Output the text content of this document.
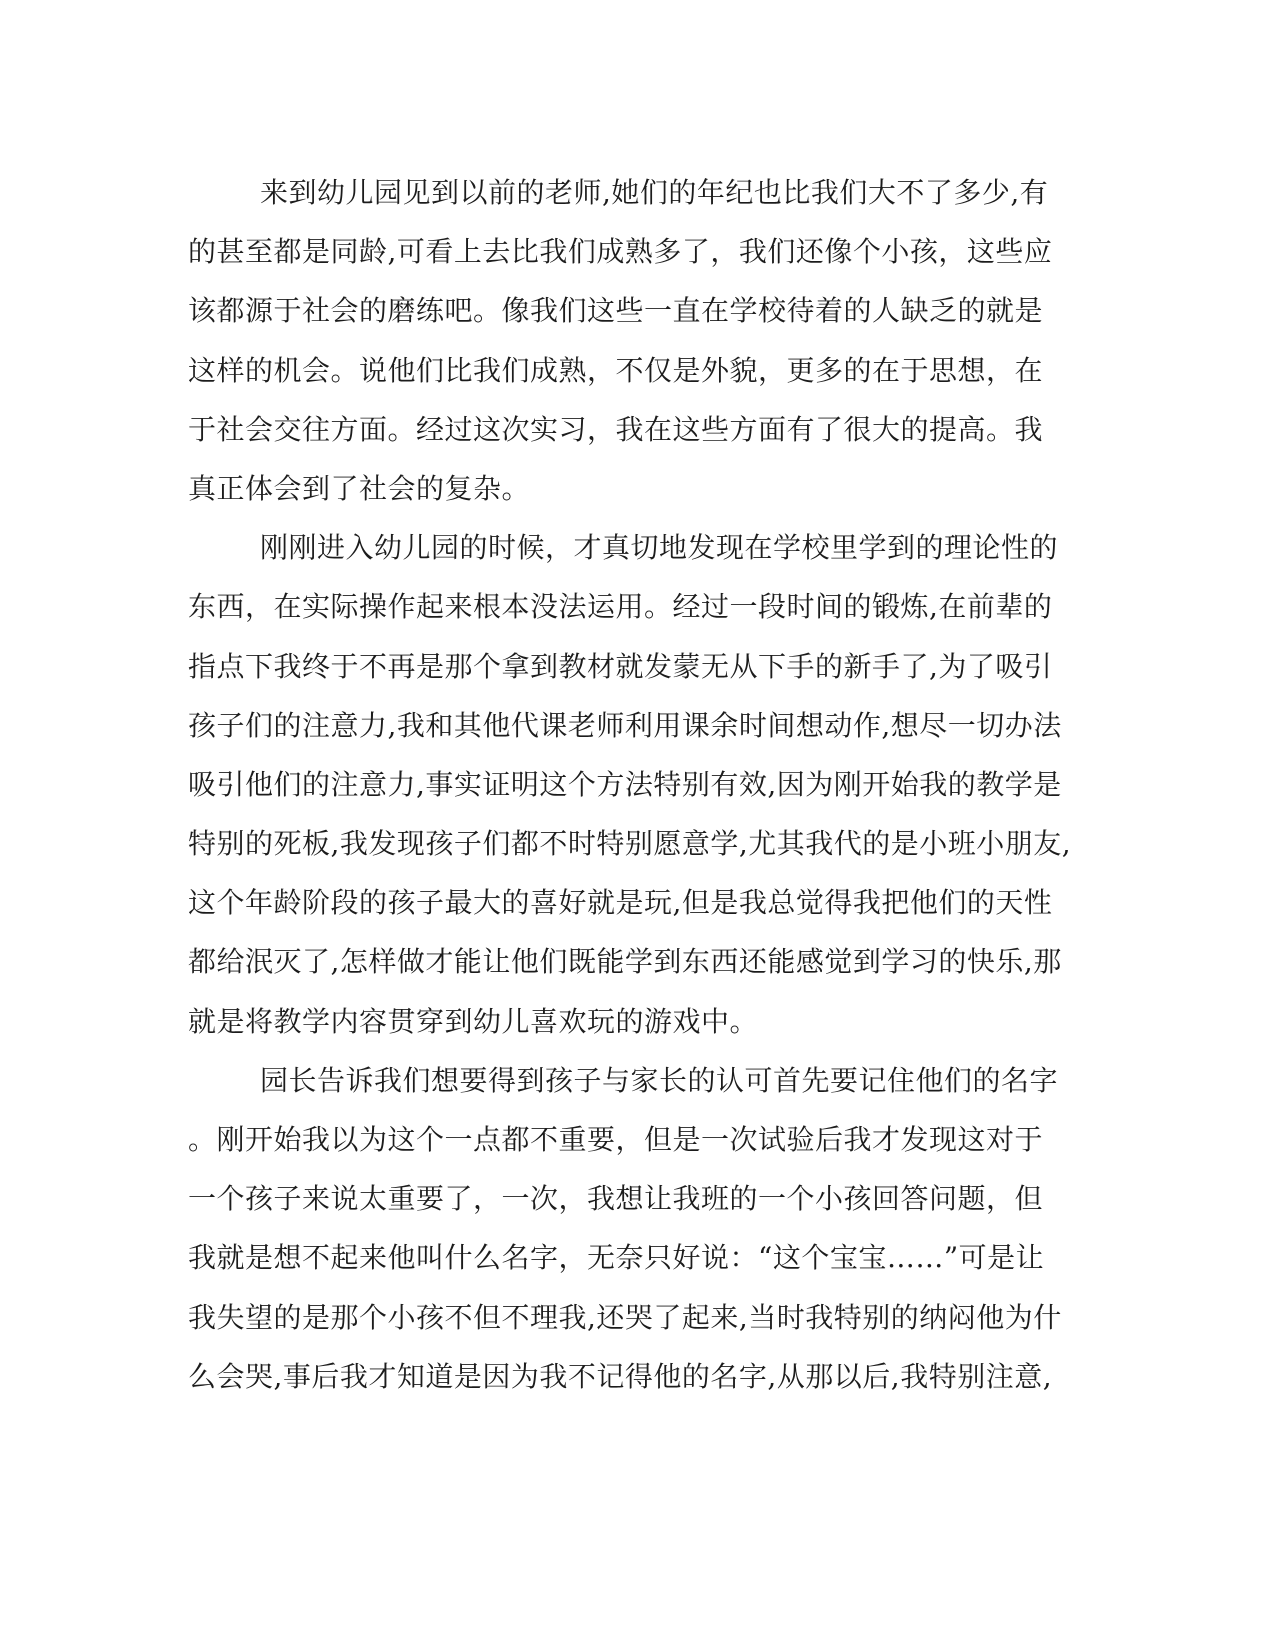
来到幼儿园见到以前的老师,她们的年纪也比我们大不了多少,有
的甚至都是同龄,可看上去比我们成熟多了，我们还像个小孩，这些应
该都源于社会的磨练吧。像我们这些一直在学校待着的人缺乏的就是
这样的机会。说他们比我们成熟，不仅是外貌，更多的在于思想，在
于社会交往方面。经过这次实习，我在这些方面有了很大的提高。我
真正体会到了社会的复杂。
刚刚进入幼儿园的时候，才真切地发现在学校里学到的理论性的
东西，在实际操作起来根本没法运用。经过一段时间的锻炼,在前辈的
指点下我终于不再是那个拿到教材就发蒙无从下手的新手了,为了吸引
孩子们的注意力,我和其他代课老师利用课余时间想动作,想尽一切办法
吸引他们的注意力,事实证明这个方法特别有效,因为刚开始我的教学是
特别的死板,我发现孩子们都不时特别愿意学,尤其我代的是小班小朋友,
这个年龄阶段的孩子最大的喜好就是玩,但是我总觉得我把他们的天性
都给泯灭了,怎样做才能让他们既能学到东西还能感觉到学习的快乐,那
就是将教学内容贯穿到幼儿喜欢玩的游戏中。
园长告诉我们想要得到孩子与家长的认可首先要记住他们的名字
。刚开始我以为这个一点都不重要，但是一次试验后我才发现这对于
一个孩子来说太重要了，一次，我想让我班的一个小孩回答问题，但
我就是想不起来他叫什么名字，无奈只好说：“这个宝宝……”可是让
我失望的是那个小孩不但不理我,还哭了起来,当时我特别的纳闷他为什
么会哭,事后我才知道是因为我不记得他的名字,从那以后,我特别注意,
